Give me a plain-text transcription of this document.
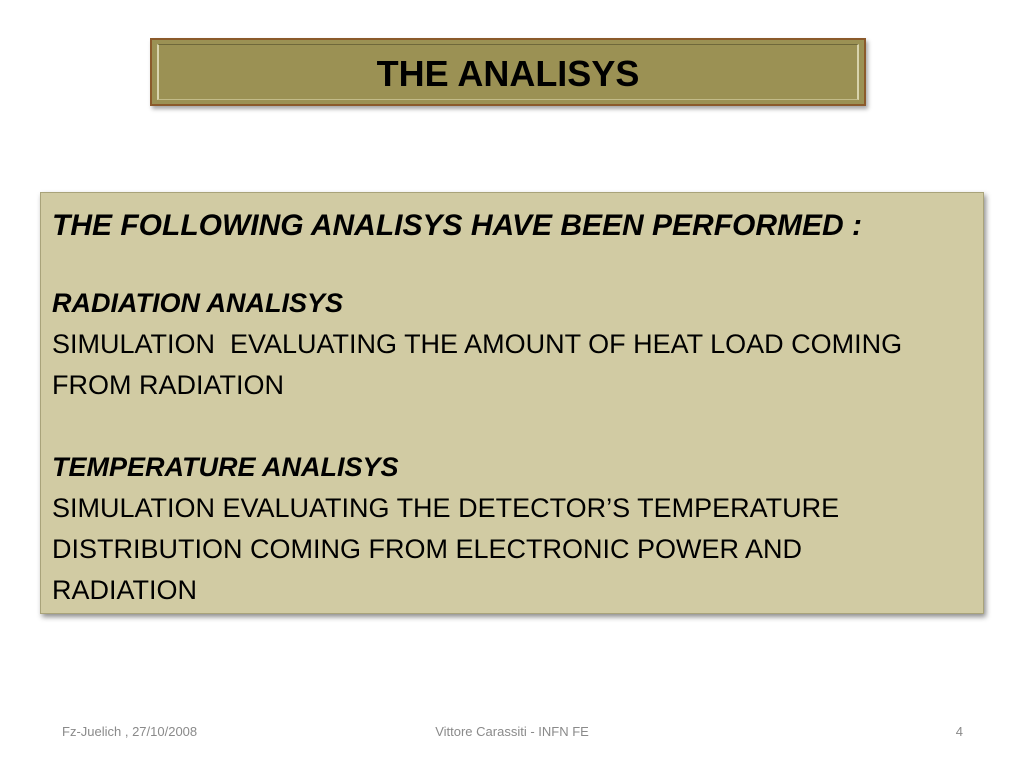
THE ANALISYS

THE FOLLOWING ANALISYS HAVE BEEN PERFORMED :

RADIATION ANALISYS

SIMULATION  EVALUATING THE AMOUNT OF HEAT LOAD COMING

FROM RADIATION

TEMPERATURE ANALISYS

SIMULATION EVALUATING THE DETECTOR’S TEMPERATURE

DISTRIBUTION COMING FROM ELECTRONIC POWER AND

RADIATION

Fz-Juelich , 27/10/2008	Vittore Carassiti - INFN FE	4
